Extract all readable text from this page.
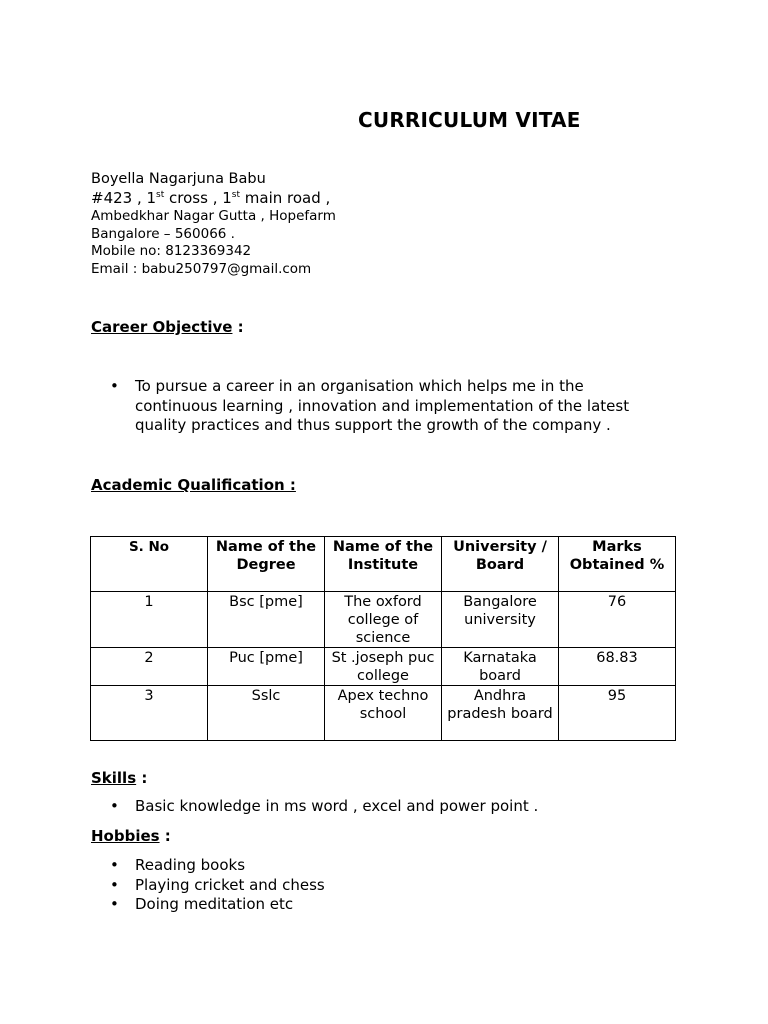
CURRICULUM VITAE
Boyella Nagarjuna Babu
#423 , 1st cross , 1st main road ,
Ambedkhar Nagar Gutta , Hopefarm
Bangalore – 560066 .
Mobile no: 8123369342
Email : babu250797@gmail.com
Career Objective :
•	To pursue a career in an organisation which helps me in the
continuous learning , innovation and implementation of the latest
quality practices and thus support the growth of the company .
Academic Qualification :
S. No	Name of the Degree	Name of the Institute	University / Board	Marks Obtained %
1	Bsc [pme]	The oxford college of science	Bangalore university	76
2	Puc [pme]	St .joseph puc college	Karnataka board	68.83
3	Sslc	Apex techno school	Andhra pradesh board	95
Skills :
•	Basic knowledge in ms word , excel and power point .
Hobbies :
•	Reading books
•	Playing cricket and chess
•	Doing meditation etc
